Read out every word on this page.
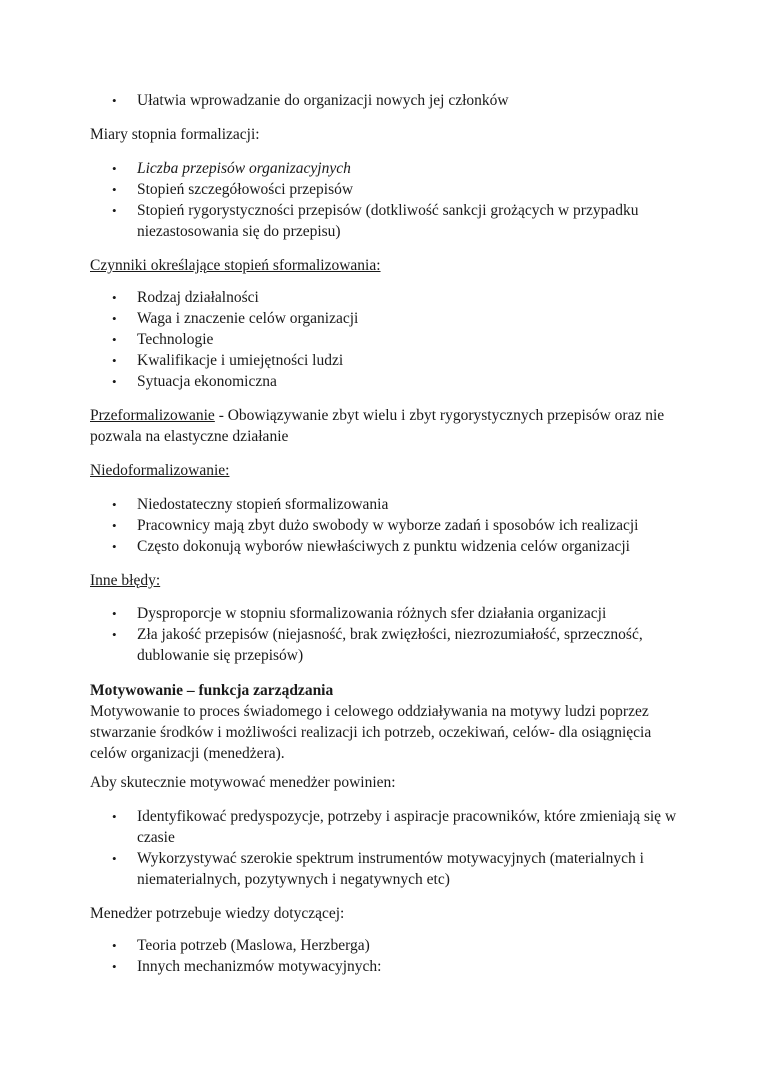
• Ułatwia wprowadzanie do organizacji nowych jej członków

Miary stopnia formalizacji:

• Liczba przepisów organizacyjnych
• Stopień szczegółowości przepisów
• Stopień rygorystyczności przepisów (dotkliwość sankcji grożących w przypadku niezastosowania się do przepisu)

Czynniki określające stopień sformalizowania:

• Rodzaj działalności
• Waga i znaczenie celów organizacji
• Technologie
• Kwalifikacje i umiejętności ludzi
• Sytuacja ekonomiczna

Przeformalizowanie - Obowiązywanie zbyt wielu i zbyt rygorystycznych przepisów oraz nie pozwala na elastyczne działanie

Niedoformalizowanie:

• Niedostateczny stopień sformalizowania
• Pracownicy mają zbyt dużo swobody w wyborze zadań i sposobów ich realizacji
• Często dokonują wyborów niewłaściwych z punktu widzenia celów organizacji

Inne błędy:

• Dysproporcje w stopniu sformalizowania różnych sfer działania organizacji
• Zła jakość przepisów (niejasność, brak zwięzłości, niezrozumiałość, sprzeczność, dublowanie się przepisów)

Motywowanie – funkcja zarządzania

Motywowanie to proces świadomego i celowego oddziaływania na motywy ludzi poprzez stwarzanie środków i możliwości realizacji ich potrzeb, oczekiwań, celów- dla osiągnięcia celów organizacji (menedżera).

Aby skutecznie motywować menedżer powinien:

• Identyfikować predyspozycje, potrzeby i aspiracje pracowników, które zmieniają się w czasie
• Wykorzystywać szerokie spektrum instrumentów motywacyjnych (materialnych i niematerialnych, pozytywnych i negatywnych etc)

Menedżer potrzebuje wiedzy dotyczącej:

• Teoria potrzeb (Maslowa, Herzberga)
• Innych mechanizmów motywacyjnych:
